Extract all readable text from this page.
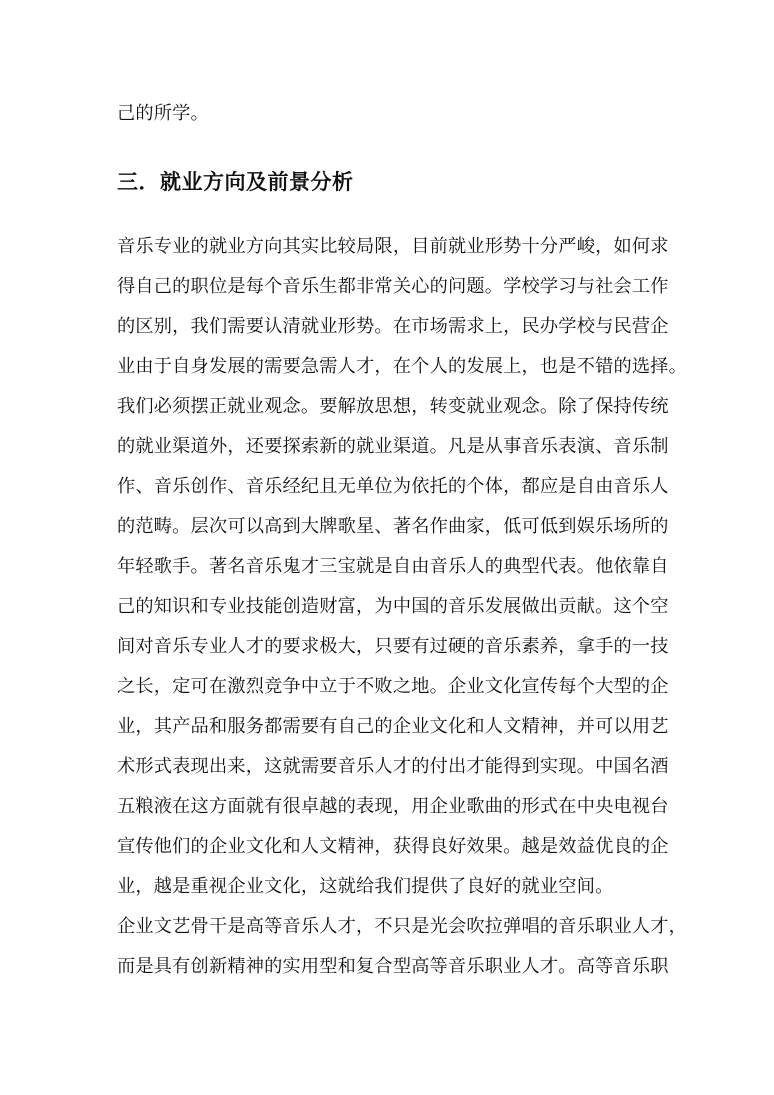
己的所学。
三．就业方向及前景分析
音乐专业的就业方向其实比较局限，目前就业形势十分严峻，如何求
得自己的职位是每个音乐生都非常关心的问题。学校学习与社会工作
的区别，我们需要认清就业形势。在市场需求上，民办学校与民营企
业由于自身发展的需要急需人才，在个人的发展上，也是不错的选择。
我们必须摆正就业观念。要解放思想，转变就业观念。除了保持传统
的就业渠道外，还要探索新的就业渠道。凡是从事音乐表演、音乐制
作、音乐创作、音乐经纪且无单位为依托的个体，都应是自由音乐人
的范畴。层次可以高到大牌歌星、著名作曲家，低可低到娱乐场所的
年轻歌手。著名音乐鬼才三宝就是自由音乐人的典型代表。他依靠自
己的知识和专业技能创造财富，为中国的音乐发展做出贡献。这个空
间对音乐专业人才的要求极大，只要有过硬的音乐素养，拿手的一技
之长，定可在激烈竞争中立于不败之地。企业文化宣传每个大型的企
业，其产品和服务都需要有自己的企业文化和人文精神，并可以用艺
术形式表现出来，这就需要音乐人才的付出才能得到实现。中国名酒
五粮液在这方面就有很卓越的表现，用企业歌曲的形式在中央电视台
宣传他们的企业文化和人文精神，获得良好效果。越是效益优良的企
业，越是重视企业文化，这就给我们提供了良好的就业空间。
企业文艺骨干是高等音乐人才，不只是光会吹拉弹唱的音乐职业人才，
而是具有创新精神的实用型和复合型高等音乐职业人才。高等音乐职
